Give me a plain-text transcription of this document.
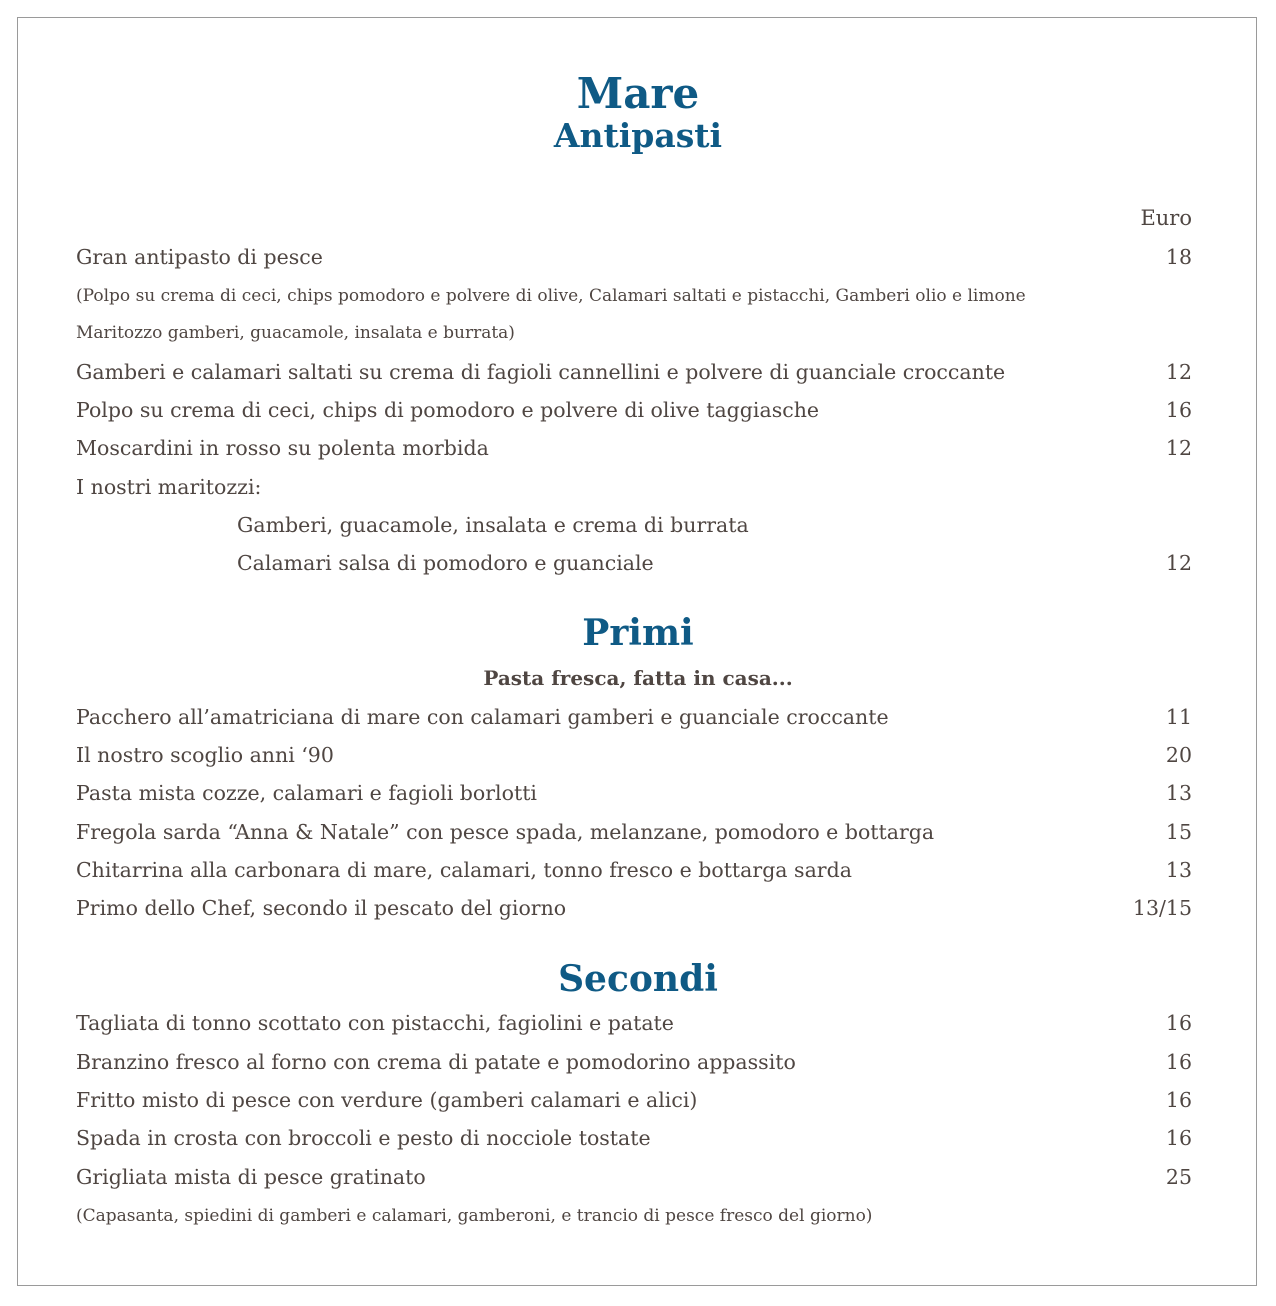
Mare
Antipasti
Euro
Gran antipasto di pesce	18
(Polpo su crema di ceci, chips pomodoro e polvere di olive, Calamari saltati e pistacchi, Gamberi olio e limone
Maritozzo gamberi, guacamole, insalata e burrata)
Gamberi e calamari saltati su crema di fagioli cannellini e polvere di guanciale croccante	12
Polpo su crema di ceci, chips di pomodoro e polvere di olive taggiasche	16
Moscardini in rosso su polenta morbida	12
I nostri maritozzi:
Gamberi, guacamole, insalata e crema di burrata
Calamari salsa di pomodoro e guanciale	12
Primi
Pasta fresca, fatta in casa...
Pacchero all’amatriciana di mare con calamari gamberi e guanciale croccante	11
Il nostro scoglio anni ‘90	20
Pasta mista cozze, calamari e fagioli borlotti	13
Fregola sarda “Anna & Natale” con pesce spada, melanzane, pomodoro e bottarga	15
Chitarrina alla carbonara di mare, calamari, tonno fresco e bottarga sarda	13
Primo dello Chef, secondo il pescato del giorno	13/15
Secondi
Tagliata di tonno scottato con pistacchi, fagiolini e patate	16
Branzino fresco al forno con crema di patate e pomodorino appassito	16
Fritto misto di pesce con verdure (gamberi calamari e alici)	16
Spada in crosta con broccoli e pesto di nocciole tostate	16
Grigliata mista di pesce gratinato	25
(Capasanta, spiedini di gamberi e calamari, gamberoni, e trancio di pesce fresco del giorno)
